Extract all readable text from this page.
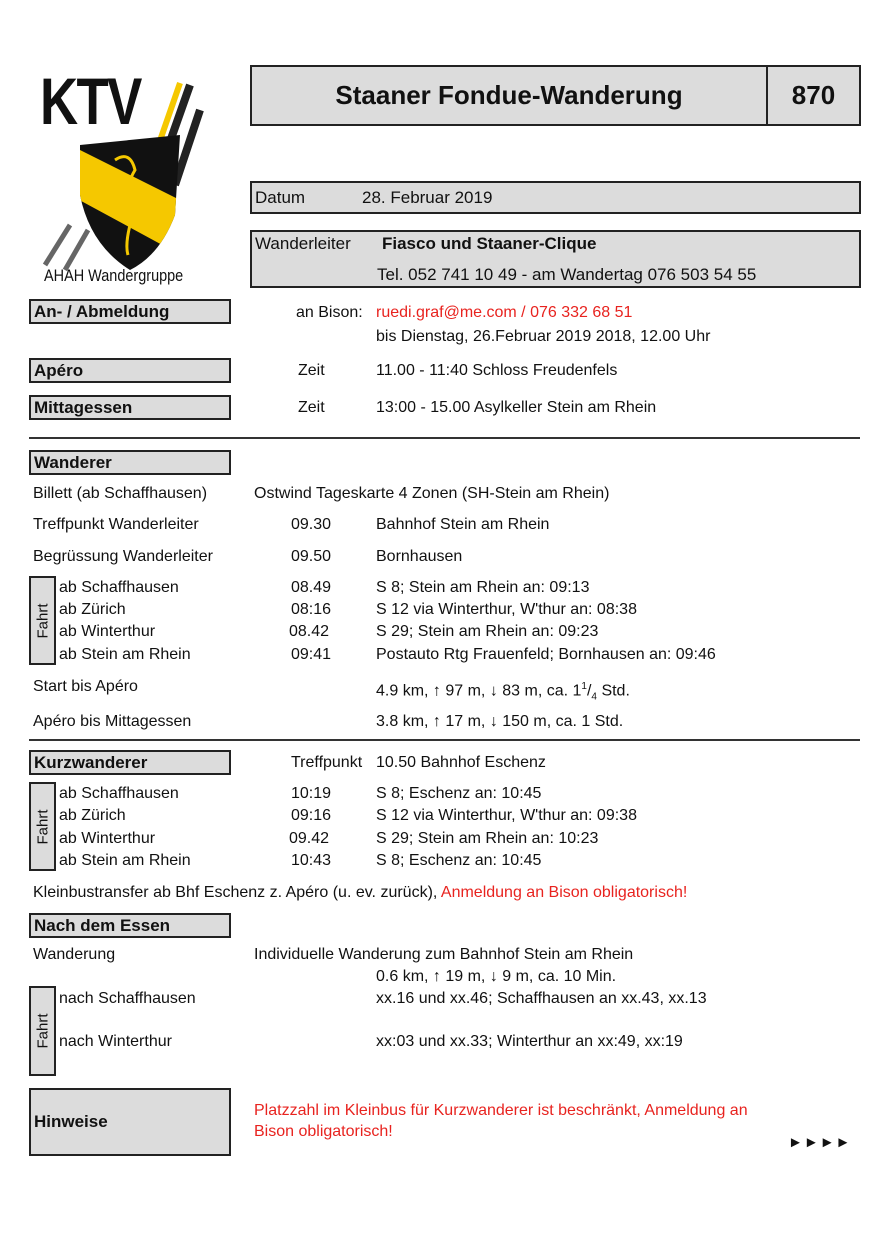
KTV
AHAH Wandergruppe
Staaner Fondue-Wanderung	870
Datum	28. Februar 2019
Wanderleiter Fiasco und Staaner-Clique
Tel. 052 741 10 49 - am Wandertag 076 503 54 55
An- / Abmeldung	an Bison: ruedi.graf@me.com / 076 332 68 51
bis Dienstag, 26.Februar 2019 2018, 12.00 Uhr
Apéro	Zeit	11.00 - 11:40 Schloss Freudenfels
Mittagessen	Zeit	13:00 - 15.00 Asylkeller Stein am Rhein
Wanderer
Billett (ab Schaffhausen)	Ostwind Tageskarte 4 Zonen (SH-Stein am Rhein)
Treffpunkt Wanderleiter	09.30	Bahnhof Stein am Rhein
Begrüssung Wanderleiter	09.50	Bornhausen
Fahrt
ab Schaffhausen	08.49	S 8; Stein am Rhein an: 09:13
ab Zürich	08:16	S 12 via Winterthur, W'thur an: 08:38
ab Winterthur	08.42	S 29; Stein am Rhein an: 09:23
ab Stein am Rhein	09:41	Postauto Rtg Frauenfeld; Bornhausen an: 09:46
Start bis Apéro	4.9 km, ↑ 97 m, ↓ 83 m, ca. $1^1/_4$ Std.
Apéro bis Mittagessen	3.8 km, ↑ 17 m, ↓ 150 m, ca. 1 Std.
Kurzwanderer	Treffpunkt 10.50 Bahnhof Eschenz
Fahrt
ab Schaffhausen	10:19	S 8; Eschenz an: 10:45
ab Zürich	09:16	S 12 via Winterthur, W'thur an: 09:38
ab Winterthur	09.42	S 29; Stein am Rhein an: 10:23
ab Stein am Rhein	10:43	S 8; Eschenz an: 10:45
Kleinbustransfer ab Bhf Eschenz z. Apéro (u. ev. zurück), Anmeldung an Bison obligatorisch!
Nach dem Essen
Wanderung	Individuelle Wanderung zum Bahnhof Stein am Rhein
0.6 km, ↑ 19 m, ↓ 9 m, ca. 10 Min.
Fahrt
nach Schaffhausen	xx.16 und xx.46; Schaffhausen an xx.43, xx.13
nach Winterthur	xx:03 und xx.33; Winterthur an xx:49, xx:19
Hinweise
Platzzahl im Kleinbus für Kurzwanderer ist beschränkt, Anmeldung an
Bison obligatorisch!
►►►►
